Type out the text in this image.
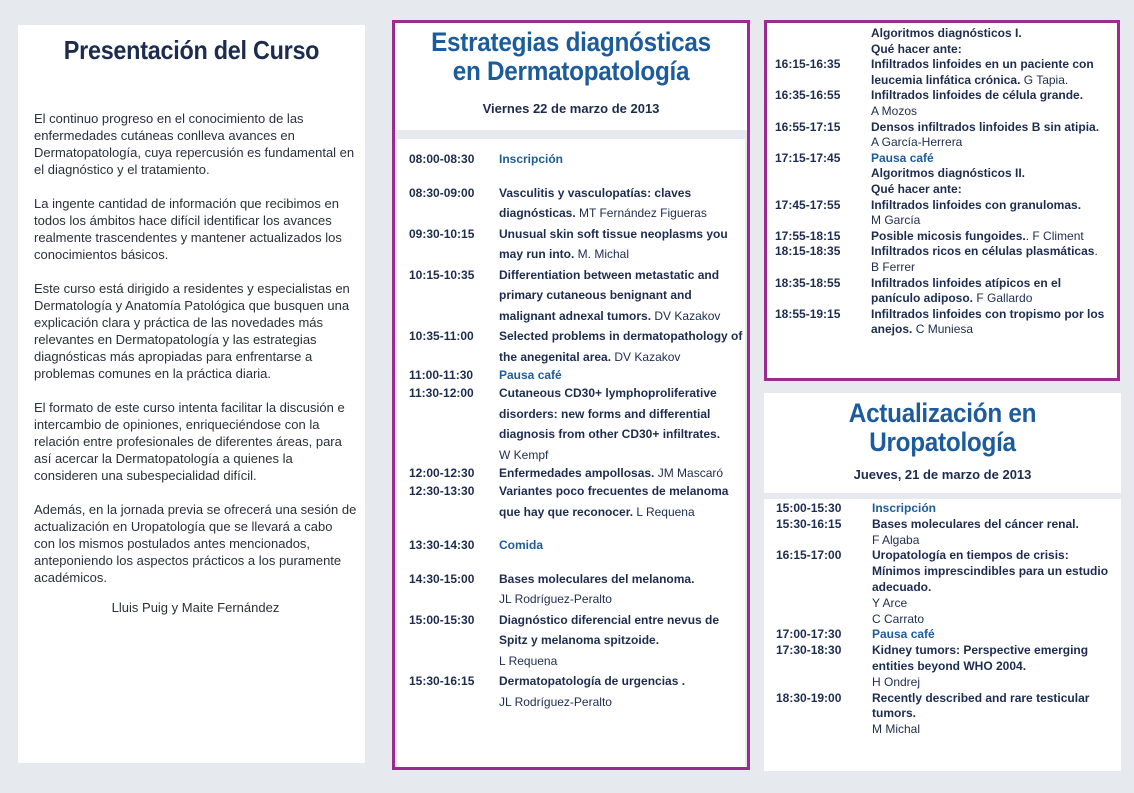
Presentación del Curso

El continuo progreso en el conocimiento de las enfermedades cutáneas conlleva avances en Dermatopatología, cuya repercusión es fundamental en el diagnóstico y el tratamiento.

La ingente cantidad de información que recibimos en todos los ámbitos hace difícil identificar los avances realmente trascendentes y mantener actualizados los conocimientos básicos.

Este curso está dirigido a residentes y especialistas en Dermatología y Anatomía Patológica que busquen una explicación clara y práctica de las novedades más relevantes en Dermatopatología y las estrategias diagnósticas más apropiadas para enfrentarse a problemas comunes en la práctica diaria.

El formato de este curso intenta facilitar la discusión e intercambio de opiniones, enriqueciéndose con la relación entre profesionales de diferentes áreas, para así acercar la Dermatopatología a quienes la consideren una subespecialidad difícil.

Además, en la jornada previa se ofrecerá una sesión de actualización en Uropatología que se llevará a cabo con los mismos postulados antes mencionados, anteponiendo los aspectos prácticos a los puramente académicos.

Lluis Puig y Maite Fernández
Estrategias diagnósticas
en Dermatopatología
Viernes 22 de marzo de 2013
08:00-08:30	Inscripción
08:30-09:00	Vasculitis y vasculopatías: claves diagnósticas. MT Fernández Figueras
09:30-10:15	Unusual skin soft tissue neoplasms you may run into. M. Michal
10:15-10:35	Differentiation between metastatic and primary cutaneous benignant and malignant adnexal tumors. DV Kazakov
10:35-11:00	Selected problems in dermatopathology of the anegenital area. DV Kazakov
11:00-11:30	Pausa café
11:30-12:00	Cutaneous CD30+ lymphoproliferative disorders: new forms and differential diagnosis from other CD30+ infiltrates.
W Kempf
12:00-12:30	Enfermedades ampollosas. JM Mascaró
12:30-13:30	Variantes poco frecuentes de melanoma que hay que reconocer. L Requena
13:30-14:30	Comida
14:30-15:00	Bases moleculares del melanoma.
JL Rodríguez-Peralto
15:00-15:30	Diagnóstico diferencial entre nevus de Spitz y melanoma spitzoide.
L Requena
15:30-16:15	Dermatopatología de urgencias .
JL Rodríguez-Peralto
Algoritmos diagnósticos I.
Qué hacer ante:
16:15-16:35	Infiltrados linfoides en un paciente con leucemia linfática crónica. G Tapia.
16:35-16:55	Infiltrados linfoides de célula grande.
A Mozos
16:55-17:15	Densos infiltrados linfoides B sin atipia.
A García-Herrera
17:15-17:45	Pausa café
Algoritmos diagnósticos II.
Qué hacer ante:
17:45-17:55	Infiltrados linfoides con granulomas.
M García
17:55-18:15	Posible micosis fungoides.. F Climent
18:15-18:35	Infiltrados ricos en células plasmáticas.
B Ferrer
18:35-18:55	Infiltrados linfoides atípicos en el panículo adiposo. F Gallardo
18:55-19:15	Infiltrados linfoides con tropismo por los anejos. C Muniesa
Actualización en
Uropatología
Jueves, 21 de marzo de 2013
15:00-15:30	Inscripción
15:30-16:15	Bases moleculares del cáncer renal.
F Algaba
16:15-17:00	Uropatología en tiempos de crisis: Mínimos imprescindibles para un estudio adecuado.
Y Arce
C Carrato
17:00-17:30	Pausa café
17:30-18:30	Kidney tumors: Perspective emerging entities beyond WHO 2004.
H Ondrej
18:30-19:00	Recently described and rare testicular tumors.
M Michal
